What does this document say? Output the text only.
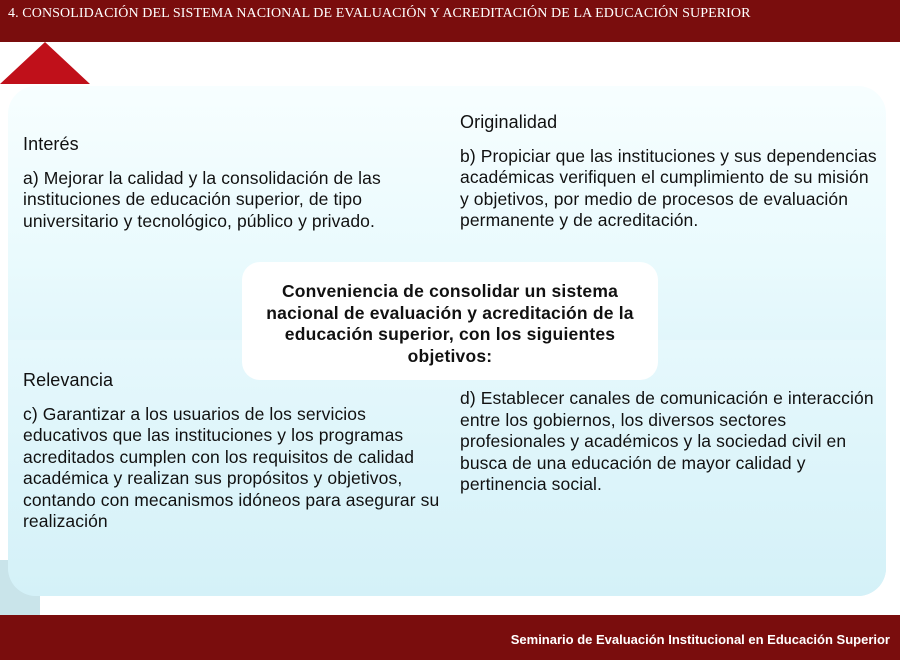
4. CONSOLIDACIÓN DEL SISTEMA NACIONAL DE EVALUACIÓN Y ACREDITACIÓN DE LA EDUCACIÓN SUPERIOR
Interés
a) Mejorar la calidad y la consolidación de las instituciones de educación superior, de tipo universitario y tecnológico, público y privado.
Originalidad
b) Propiciar que las instituciones y sus dependencias académicas verifiquen el cumplimiento de su misión y objetivos, por medio de procesos de evaluación permanente y de acreditación.
Relevancia
c) Garantizar a los usuarios de los servicios educativos que las instituciones y los programas acreditados cumplen con los requisitos de calidad académica y realizan sus propósitos y objetivos, contando con mecanismos idóneos para asegurar su realización
d) Establecer canales de comunicación e interacción entre los gobiernos, los diversos sectores profesionales y académicos y la sociedad civil en busca de una educación de mayor calidad y pertinencia social.
Conveniencia de consolidar un sistema nacional de evaluación y acreditación de la educación superior, con los siguientes objetivos:
Seminario de Evaluación Institucional en Educación Superior
